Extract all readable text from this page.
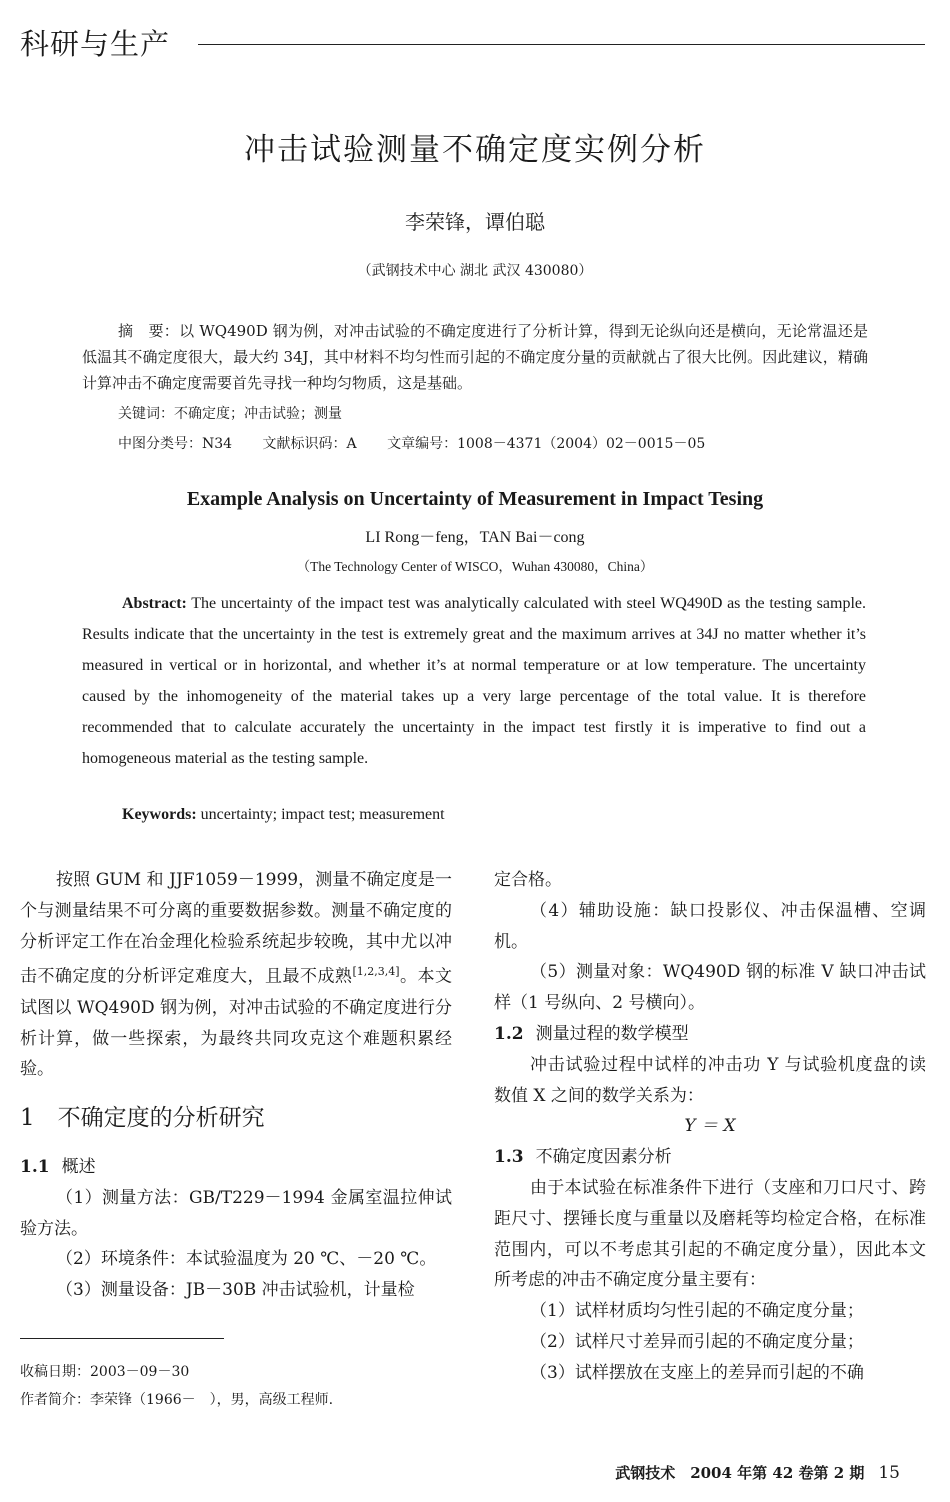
科研与生产
冲击试验测量不确定度实例分析
李荣锋，谭伯聪
（武钢技术中心 湖北 武汉 430080）

摘　要：以 WQ490D 钢为例，对冲击试验的不确定度进行了分析计算，得到无论纵向还是横向，无论常温还是低温其不确定度很大，最大约 34J，其中材料不均匀性而引起的不确定度分量的贡献就占了很大比例。因此建议，精确计算冲击不确定度需要首先寻找一种均匀物质，这是基础。

关键词：不确定度；冲击试验；测量
中图分类号：N34 文献标识码：A 文章编号：1008－4371（2004）02－0015－05
Example Analysis on Uncertainty of Measurement in Impact Tesing
LI Rong－feng，TAN Bai－cong
（The Technology Center of WISCO，Wuhan 430080，China）
Abstract: The uncertainty of the impact test was analytically calculated with steel WQ490D as the testing sample. Results indicate that the uncertainty in the test is extremely great and the maximum arrives at 34J no matter whether it’s measured in vertical or in horizontal, and whether it’s at normal temperature or at low temperature. The uncertainty caused by the inhomogeneity of the material takes up a very large percentage of the total value. It is therefore recommended that to calculate accurately the uncertainty in the impact test firstly it is imperative to find out a homogeneous material as the testing sample.
Keywords: uncertainty; impact test; measurement

按照 GUM 和 JJF1059－1999，测量不确定度是一个与测量结果不可分离的重要数据参数。测量不确定度的分析评定工作在冶金理化检验系统起步较晚，其中尤以冲击不确定度的分析评定难度大，且最不成熟[1,2,3,4]。本文试图以 WQ490D 钢为例，对冲击试验的不确定度进行分析计算，做一些探索，为最终共同攻克这个难题积累经验。

1　不确定度的分析研究

1.1 概述

（1）测量方法：GB/T229－1994 金属室温拉伸试验方法。

（2）环境条件：本试验温度为 20 ℃、－20 ℃。

（3）测量设备：JB－30B 冲击试验机，计量检

定合格。

（4）辅助设施：缺口投影仪、冲击保温槽、空调机。

（5）测量对象：WQ490D 钢的标准 V 缺口冲击试样（1 号纵向、2 号横向）。

1.2 测量过程的数学模型

冲击试验过程中试样的冲击功 Y 与试验机度盘的读数值 X 之间的数学关系为：

Y ＝ X

1.3 不确定度因素分析

由于本试验在标准条件下进行（支座和刀口尺寸、跨距尺寸、摆锤长度与重量以及磨耗等均检定合格，在标准范围内，可以不考虑其引起的不确定度分量），因此本文所考虑的冲击不确定度分量主要有：

（1）试样材质均匀性引起的不确定度分量；

（2）试样尺寸差异而引起的不确定度分量；

（3）试样摆放在支座上的差异而引起的不确

收稿日期：2003－09－30

作者简介：李荣锋（1966－　），男，高级工程师.

武钢技术　2004 年第 42 卷第 2 期 15
